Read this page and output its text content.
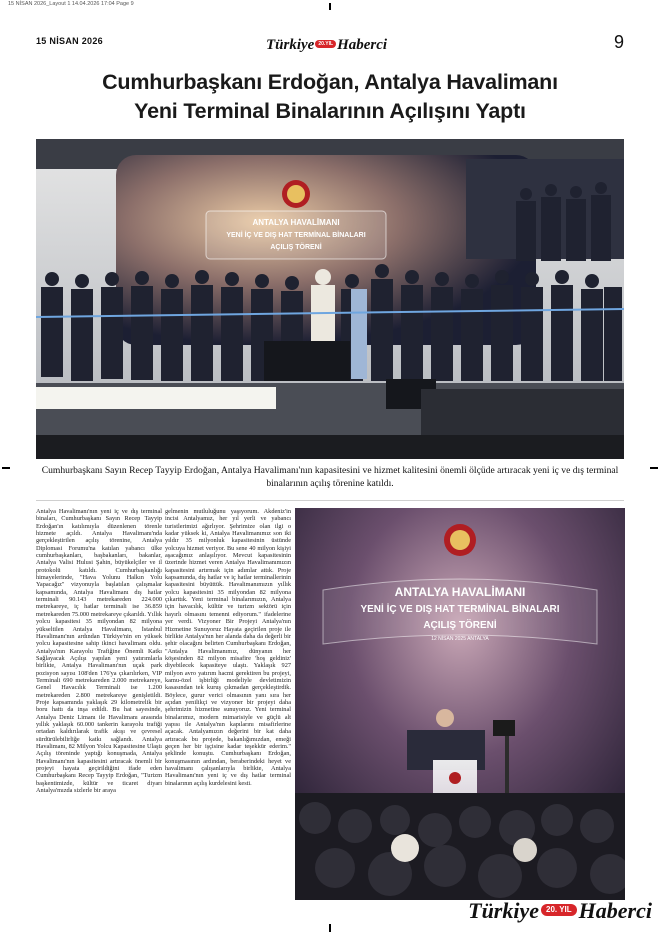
15 NİSAN 2026_Layout 1 14.04.2026 17:04 Page 9
15 NİSAN 2026	Türkiye 20.YIL Haberci	9
Cumhurbaşkanı Erdoğan, Antalya Havalimanı
Yeni Terminal Binalarının Açılışını Yaptı
ANTALYA HAVALİMANI
YENİ İÇ VE DIŞ HAT TERMİNAL BİNALARI
AÇILIŞ TÖRENİ
Cumhurbaşkanı Sayın Recep Tayyip Erdoğan, Antalya Havalimanı'nın kapasitesini ve hizmet kalitesini önemli ölçüde artıracak yeni iç ve dış terminal binalarının açılış törenine katıldı.

Antalya Havalimanı'nın yeni iç ve dış terminal binaları, Cumhurbaşkanı Sayın Recep Tayyip Erdoğan'ın katılımıyla düzenlenen törenle hizmete açıldı. Antalya Havalimanı'nda gerçekleştirilen açılış törenine, Antalya Diplomasi Forumu'na katılan yabancı ülke cumhurbaşkanları, başbakanları, bakanlar, Antalya Valisi Hulusi Şahin, büyükelçiler ve il protokolü katıldı. Cumhurbaşkanlığı himayelerinde, "Hava Yolunu Halkın Yolu Yapacağız" vizyonuyla başlatılan çalışmalar kapsamında, Antalya Havalimanı dış hatlar terminali 90.143 metrekareden 224.000 metrekareye, iç hatlar terminali ise 36.859 metrekareden 75.000 metrekareye çıkarıldı. Yıllık yolcu kapasitesi 35 milyondan 82 milyona yükseltilen Antalya Havalimanı, İstanbul Havalimanı'nın ardından Türkiye'nin en yüksek yolcu kapasitesine sahip ikinci havalimanı oldu. Antalya'nın Karayolu Trafiğine Önemli Katkı Sağlayacak Açılışı yapılan yeni yatırımlarla birlikte, Antalya Havalimanı'nın uçak park pozisyon sayısı 108'den 176'ya çıkarılırken, VIP Terminali 690 metrekareden 2.000 metrekareye, Genel Havacılık Terminali ise 1.200 metrekareden 2.800 metrekareye genişletildi. Proje kapsamında yaklaşık 29 kilometrelik bir boru hattı da inşa edildi. Bu hat sayesinde, Antalya Deniz Limanı ile Havalimanı arasında yıllık yaklaşık 60.000 tankerin karayolu trafiği ortadan kaldırılarak trafik akışı ve çevresel sürdürülebilirliğe katkı sağlandı. Antalya Havalimanı, 82 Milyon Yolcu Kapasitesine Ulaştı Açılış töreninde yaptığı konuşmada, Antalya Havalimanı'nın kapasitesini artıracak önemli bir projeyi hayata geçirildiğini ifade eden Cumhurbaşkanı Recep Tayyip Erdoğan, "Turizm başkentimizde, kültür ve ticaret diyarı Antalya'mızda sizlerle bir araya

gelmenin mutluluğunu yaşıyorum. Akdeniz'in incisi Antalyamız, her yıl yerli ve yabancı turistlerimizi ağırlıyor. Şehrimize olan ilgi o kadar yüksek ki, Antalya Havalimanımız son iki yıldır 35 milyonluk kapasitesinin üstünde yolcuya hizmet veriyor. Bu sene 40 milyon kişiyi aşacağımız anlaşılıyor. Mevcut kapasitesinin üzerinde hizmet veren Antalya Havalimanımızın kapasitesini artırmak için adımlar attık. Proje kapsamında, dış hatlar ve iç hatlar terminallerinin kapasitesini büyüttük. Havalimanımızın yıllık yolcu kapasitesini 35 milyondan 82 milyona çıkarttık. Yeni terminal binalarımızın, Antalya için havacılık, kültür ve turizm sektörü için hayırlı olmasını temenni ediyorum." ifadelerine yer verdi. Vizyoner Bir Projeyi Antalya'nın Hizmetine Sunuyoruz Hayata geçirilen proje ile birlikte Antalya'nın her alanda daha da değerli bir şehir olacağını belirten Cumhurbaşkanı Erdoğan, "Antalya Havalimanımız, dünyanın her köşesinden 82 milyon misafire 'hoş geldiniz' diyebilecek kapasiteye ulaştı. Yaklaşık 927 milyon avro yatırım hacmi gerektiren bu projeyi, kamu-özel işbirliği modeliyle devletimizin kasasından tek kuruş çıkmadan gerçekleştirdik. Böylece, gurur verici olmasının yanı sıra her açıdan yenilikçi ve vizyoner bir projeyi daha şehrimizin hizmetine sunuyoruz. Yeni terminal binalarımız, modern mimarisiyle ve güçlü alt yapısı ile Antalya'nın kapılarını misafirlerine açacak. Antalyamızın değerini bir kat daha artıracak bu projede, bakanlığımızdan, emeği geçen her bir işçisine kadar teşekkür ederim." şeklinde konuştu. Cumhurbaşkanı Erdoğan, konuşmasının ardından, beraberindeki heyet ve havalimanı çalışanlarıyla birlikte, Antalya Havalimanı'nın yeni iç ve dış hatlar terminal binalarının açılış kurdelesini kesti.

ANTALYA HAVALİMANI
YENİ İÇ VE DIŞ HAT TERMİNAL BİNALARI
AÇILIŞ TÖRENİ
12 NİSAN 2025 ANTALYA
Türkiye 20. YIL Haberci
